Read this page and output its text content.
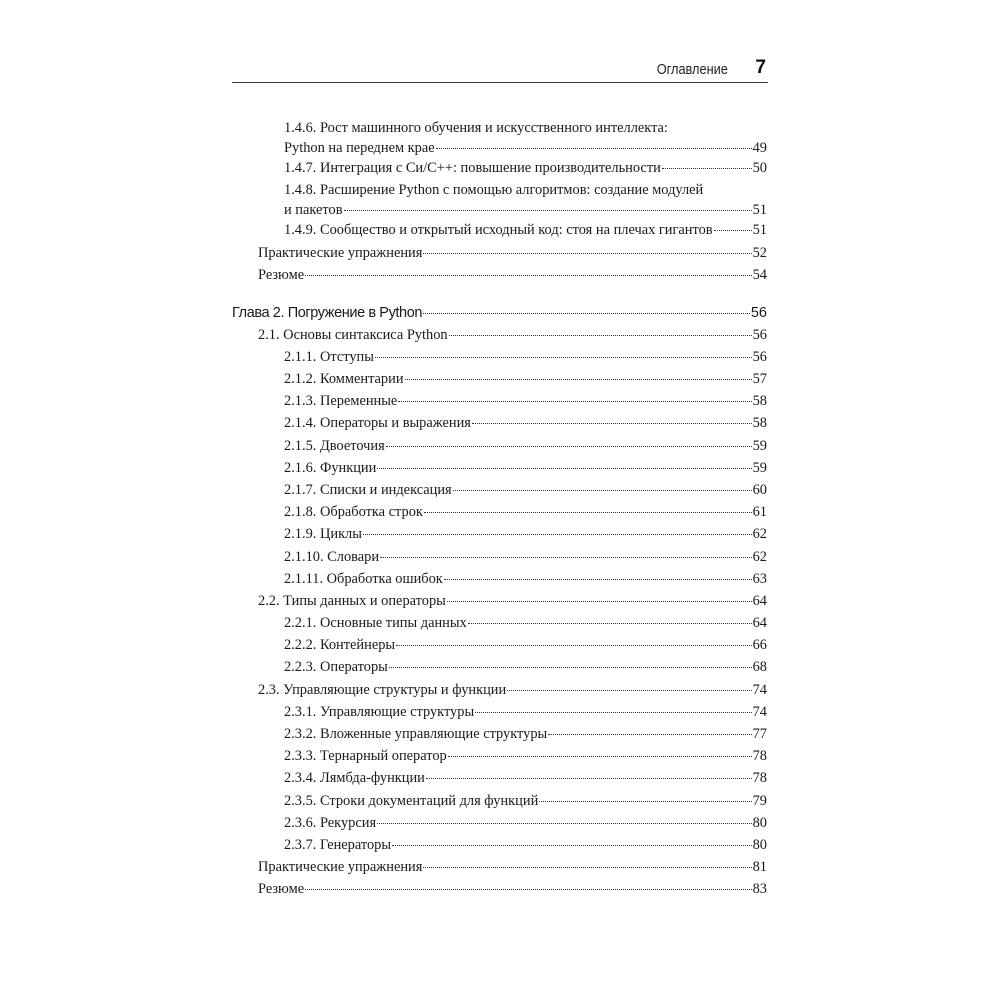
Оглавление 7
1.4.6. Рост машинного обучения и искусственного интеллекта:
Python на переднем крае	49
1.4.7. Интеграция с Си/С++: повышение производительности	50
1.4.8. Расширение Python с помощью алгоритмов: создание модулей
и пакетов	51
1.4.9. Сообщество и открытый исходный код: стоя на плечах гигантов	51
Практические упражнения	52
Резюме	54
Глава 2. Погружение в Python	56
2.1. Основы синтаксиса Python	56
2.1.1. Отступы	56
2.1.2. Комментарии	57
2.1.3. Переменные	58
2.1.4. Операторы и выражения	58
2.1.5. Двоеточия	59
2.1.6. Функции	59
2.1.7. Списки и индексация	60
2.1.8. Обработка строк	61
2.1.9. Циклы	62
2.1.10. Словари	62
2.1.11. Обработка ошибок	63
2.2. Типы данных и операторы	64
2.2.1. Основные типы данных	64
2.2.2. Контейнеры	66
2.2.3. Операторы	68
2.3. Управляющие структуры и функции	74
2.3.1. Управляющие структуры	74
2.3.2. Вложенные управляющие структуры	77
2.3.3. Тернарный оператор	78
2.3.4. Лямбда-функции	78
2.3.5. Строки документаций для функций	79
2.3.6. Рекурсия	80
2.3.7. Генераторы	80
Практические упражнения	81
Резюме	83
